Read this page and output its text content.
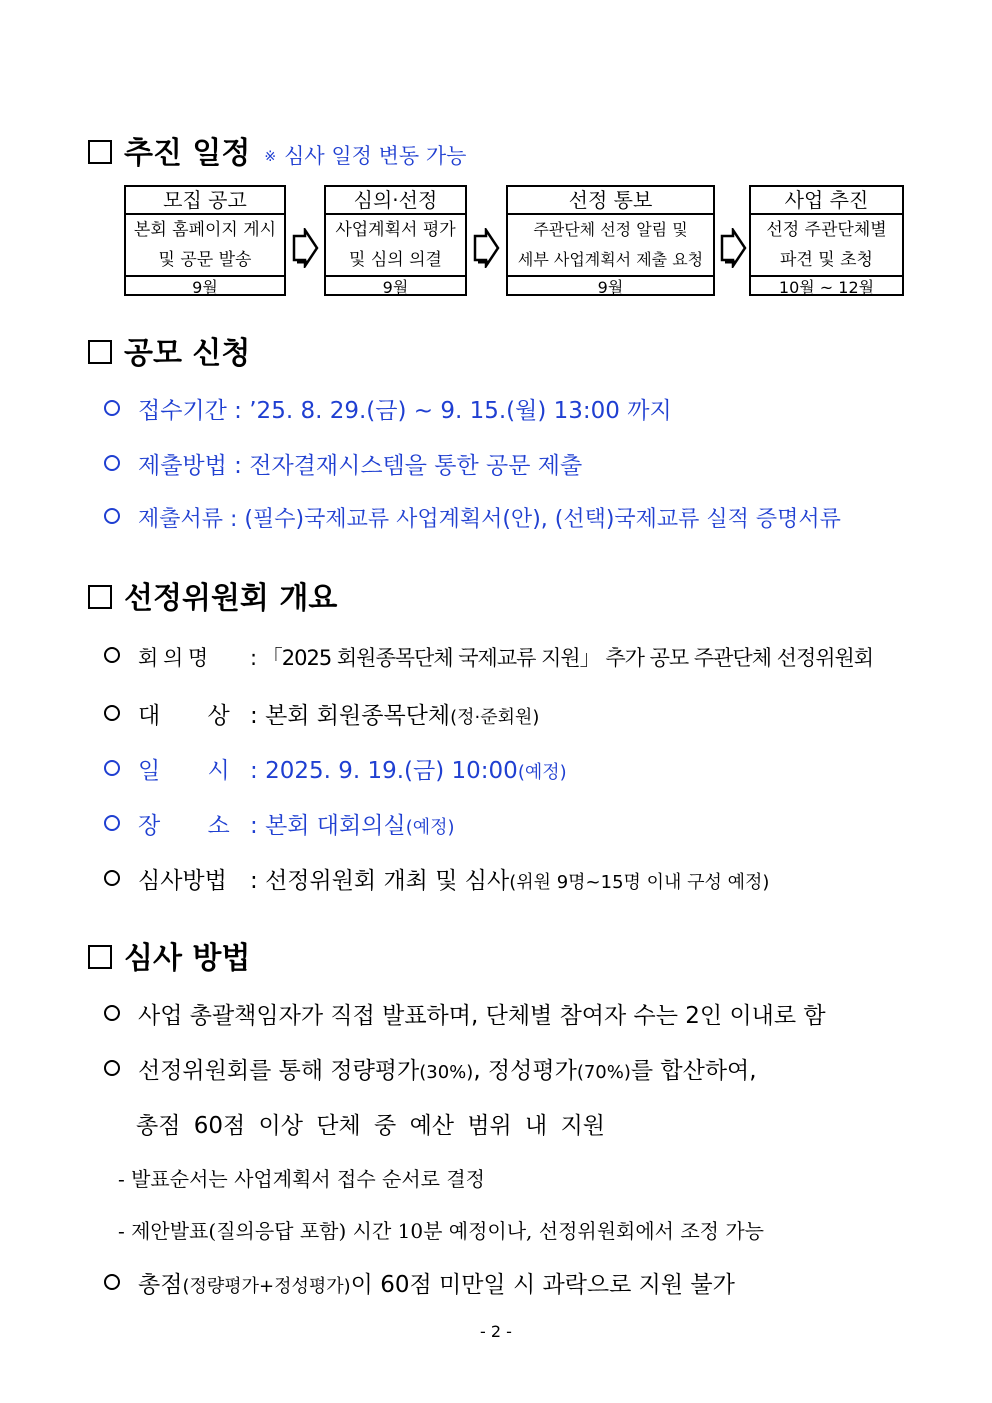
추진 일정 ※ 심사 일정 변동 가능
모집 공고
본회 홈페이지 게시
및 공문 발송
9월
심의·선정
사업계획서 평가
및 심의 의결
9월
선정 통보
주관단체 선정 알림 및
세부 사업계획서 제출 요청
9월
사업 추진
선정 주관단체별
파견 및 초청
10월 ~ 12월
공모 신청
접수기간 : ’25. 8. 29.(금) ~ 9. 15.(월) 13:00 까지
제출방법 : 전자결재시스템을 통한 공문 제출
제출서류 : (필수)국제교류 사업계획서(안), (선택)국제교류 실적 증명서류
선정위원회 개요
회 의 명 : 「2025 회원종목단체 국제교류 지원」 추가 공모 주관단체 선정위원회
대 상 : 본회 회원종목단체(정·준회원)
일 시 : 2025. 9. 19.(금) 10:00(예정)
장 소 : 본회 대회의실(예정)
심사방법 : 선정위원회 개최 및 심사(위원 9명~15명 이내 구성 예정)
심사 방법
사업 총괄책임자가 직접 발표하며, 단체별 참여자 수는 2인 이내로 함
선정위원회를 통해 정량평가(30%), 정성평가(70%)를 합산하여,
총점 60점 이상 단체 중 예산 범위 내 지원
- 발표순서는 사업계획서 접수 순서로 결정
- 제안발표(질의응답 포함) 시간 10분 예정이나, 선정위원회에서 조정 가능
총점(정량평가+정성평가)이 60점 미만일 시 과락으로 지원 불가
- 2 -
